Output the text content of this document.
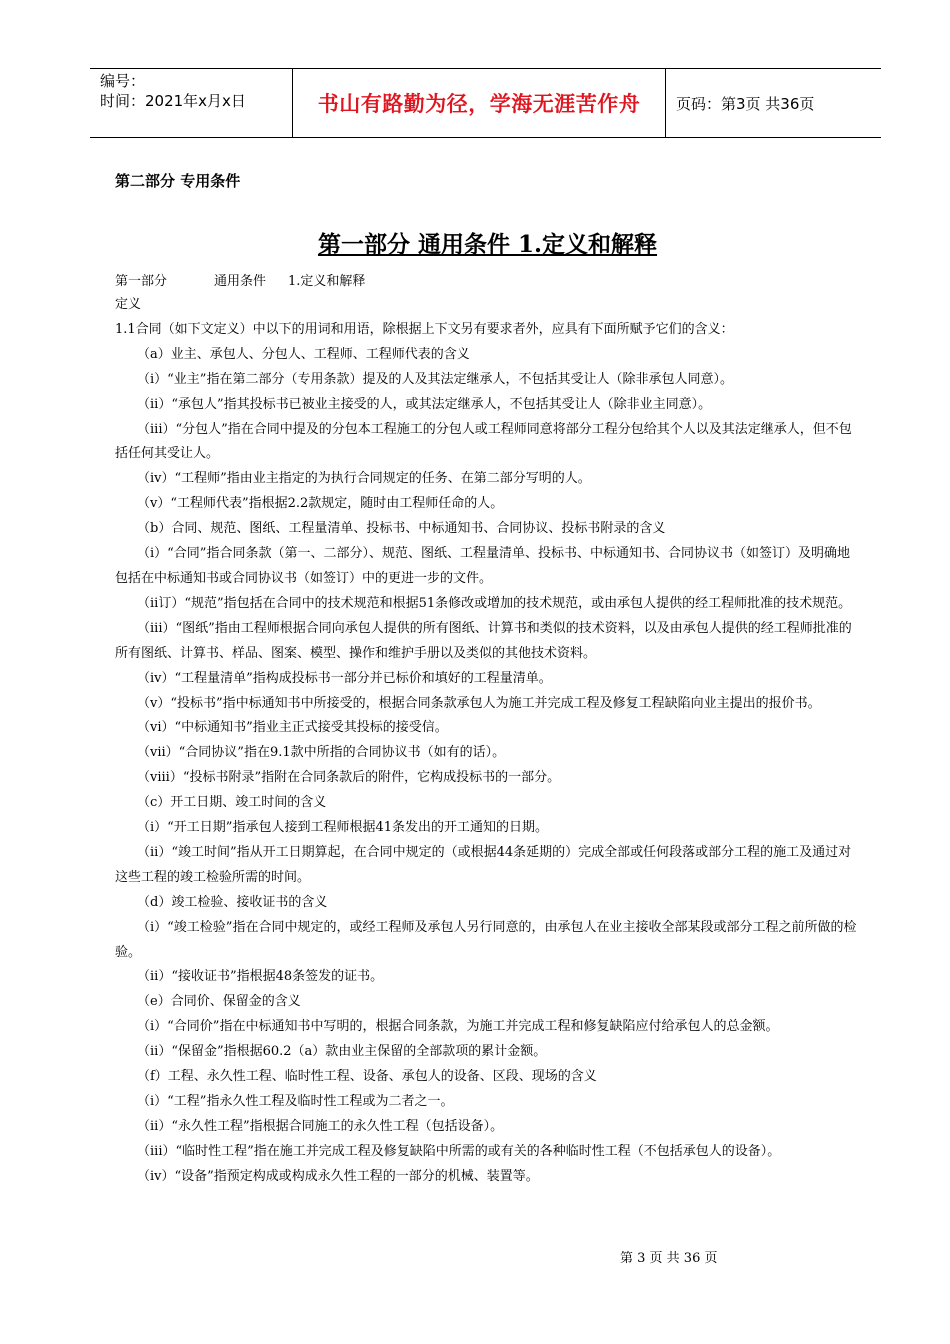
编号：
时间：2021年x月x日	书山有路勤为径，学海无涯苦作舟 页码：第3页 共36页
第二部分 专用条件
第一部分 通用条件 1.定义和解释
第一部分	通用条件 1.定义和解释

定义

1.1合同（如下文定义）中以下的用词和用语，除根据上下文另有要求者外，应具有下面所赋予它们的含义：

（a）业主、承包人、分包人、工程师、工程师代表的含义

（i）“业主”指在第二部分（专用条款）提及的人及其法定继承人，不包括其受让人（除非承包人同意）。

（ii）“承包人”指其投标书已被业主接受的人，或其法定继承人，不包括其受让人（除非业主同意）。

（iii）“分包人”指在合同中提及的分包本工程施工的分包人或工程师同意将部分工程分包给其个人以及其法定继承人，但不包括任何其受让人。

（iv）“工程师”指由业主指定的为执行合同规定的任务、在第二部分写明的人。

（v）“工程师代表”指根据2.2款规定，随时由工程师任命的人。

（b）合同、规范、图纸、工程量清单、投标书、中标通知书、合同协议、投标书附录的含义

（i）“合同”指合同条款（第一、二部分）、规范、图纸、工程量清单、投标书、中标通知书、合同协议书（如签订）及明确地包括在中标通知书或合同协议书（如签订）中的更进一步的文件。

（ii订）“规范”指包括在合同中的技术规范和根据51条修改或增加的技术规范，或由承包人提供的经工程师批准的技术规范。

（iii）“图纸”指由工程师根据合同向承包人提供的所有图纸、计算书和类似的技术资料，以及由承包人提供的经工程师批准的所有图纸、计算书、样品、图案、模型、操作和维护手册以及类似的其他技术资料。

（iv）“工程量清单”指构成投标书一部分并已标价和填好的工程量清单。

（v）“投标书”指中标通知书中所接受的，根据合同条款承包人为施工并完成工程及修复工程缺陷向业主提出的报价书。

（vi）“中标通知书”指业主正式接受其投标的接受信。

（vii）“合同协议”指在9.1款中所指的合同协议书（如有的话）。

（viii）“投标书附录”指附在合同条款后的附件，它构成投标书的一部分。

（c）开工日期、竣工时间的含义

（i）“开工日期”指承包人接到工程师根据41条发出的开工通知的日期。

（ii）“竣工时间”指从开工日期算起，在合同中规定的（或根据44条延期的）完成全部或任何段落或部分工程的施工及通过对这些工程的竣工检验所需的时间。

（d）竣工检验、接收证书的含义

（i）“竣工检验”指在合同中规定的，或经工程师及承包人另行同意的，由承包人在业主接收全部某段或部分工程之前所做的检验。

（ii）“接收证书”指根据48条签发的证书。

（e）合同价、保留金的含义

（i）“合同价”指在中标通知书中写明的，根据合同条款，为施工并完成工程和修复缺陷应付给承包人的总金额。

（ii）“保留金”指根据60.2（a）款由业主保留的全部款项的累计金额。

（f）工程、永久性工程、临时性工程、设备、承包人的设备、区段、现场的含义

（i）“工程”指永久性工程及临时性工程或为二者之一。

（ii）“永久性工程”指根据合同施工的永久性工程（包括设备）。

（iii）“临时性工程”指在施工并完成工程及修复缺陷中所需的或有关的各种临时性工程（不包括承包人的设备）。

（iv）“设备”指预定构成或构成永久性工程的一部分的机械、装置等。

第 3 页 共 36 页
